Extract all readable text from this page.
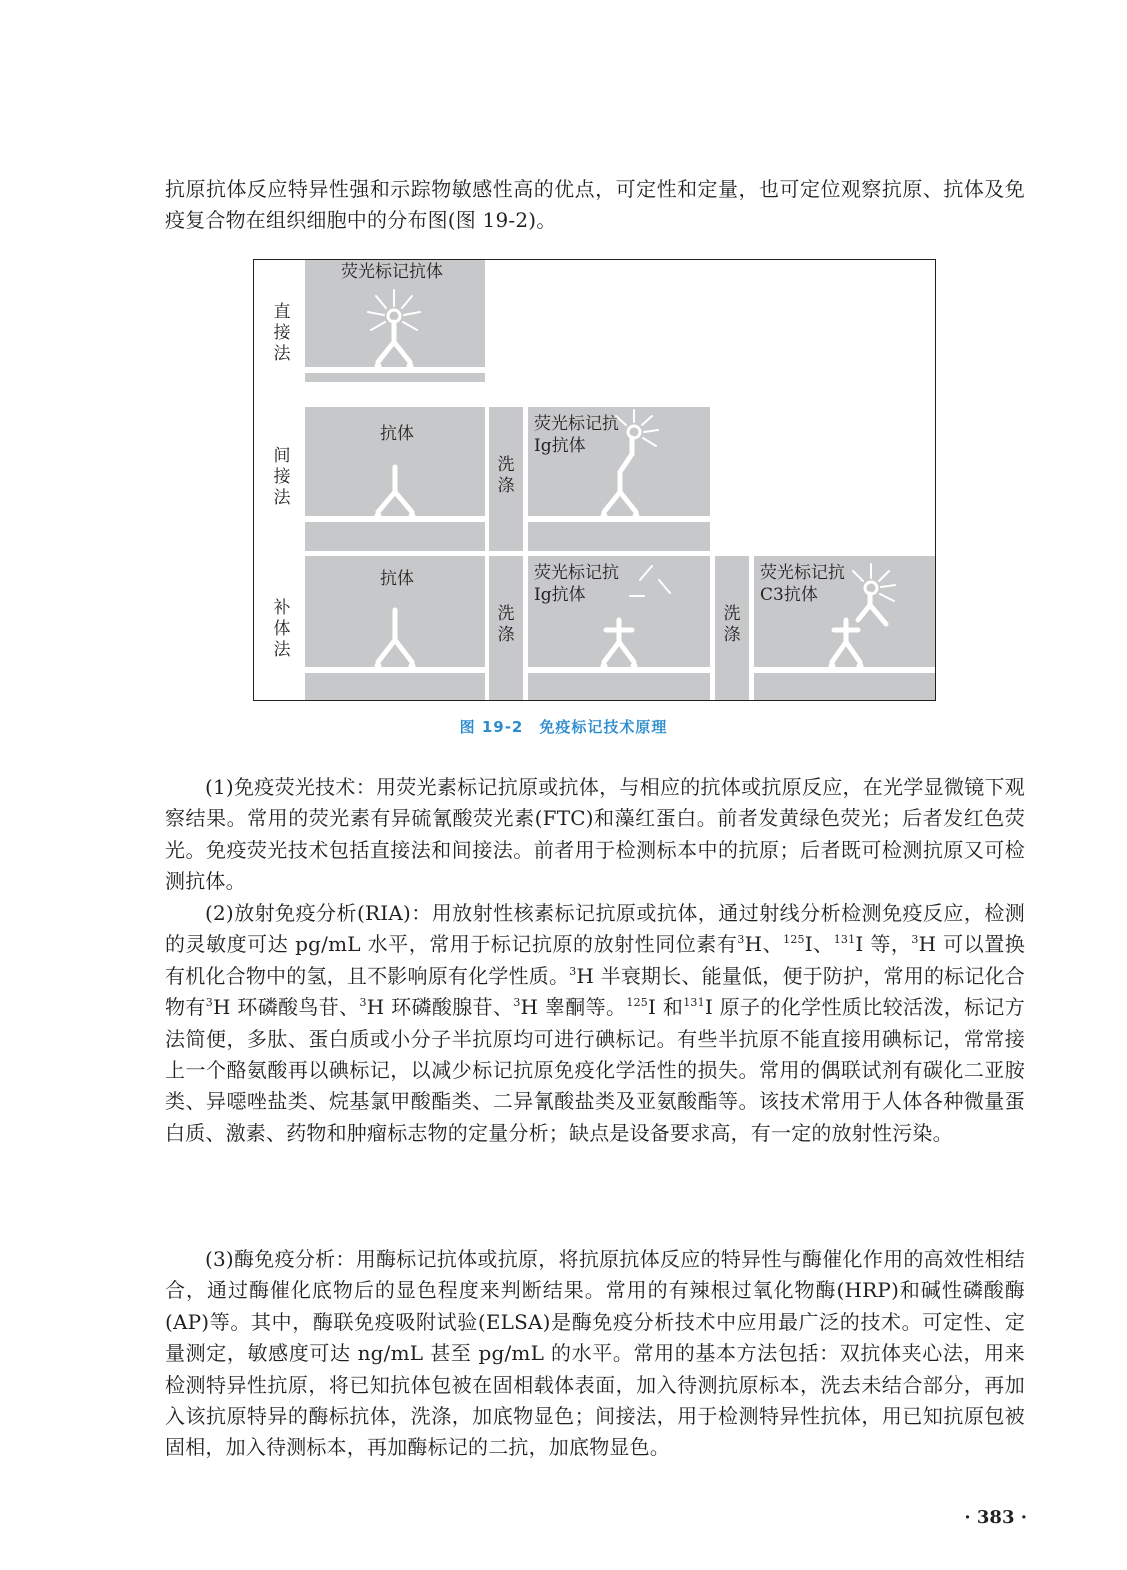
抗原抗体反应特异性强和示踪物敏感性高的优点，可定性和定量，也可定位观察抗原、抗体及免疫复合物在组织细胞中的分布图(图 19-2)。

直接法
间接法
补体法
荧光标记抗体
抗体
洗涤
荧光标记抗Ig抗体
抗体
洗涤
荧光标记抗Ig抗体
洗涤
荧光标记抗C3抗体
图 19-2　免疫标记技术原理

(1)免疫荧光技术：用荧光素标记抗原或抗体，与相应的抗体或抗原反应，在光学显微镜下观察结果。常用的荧光素有异硫氰酸荧光素(FTC)和藻红蛋白。前者发黄绿色荧光；后者发红色荧光。免疫荧光技术包括直接法和间接法。前者用于检测标本中的抗原；后者既可检测抗原又可检测抗体。

(2)放射免疫分析(RIA)：用放射性核素标记抗原或抗体，通过射线分析检测免疫反应，检测的灵敏度可达 pg/mL 水平，常用于标记抗原的放射性同位素有$^3$H、$^{125}$I、$^{131}$I 等，$^3$H 可以置换有机化合物中的氢，且不影响原有化学性质。$^3$H 半衰期长、能量低，便于防护，常用的标记化合物有$^3$H 环磷酸鸟苷、$^3$H 环磷酸腺苷、$^3$H 睾酮等。$^{125}$I 和$^{131}$I 原子的化学性质比较活泼，标记方法简便，多肽、蛋白质或小分子半抗原均可进行碘标记。有些半抗原不能直接用碘标记，常常接上一个酪氨酸再以碘标记，以减少标记抗原免疫化学活性的损失。常用的偶联试剂有碳化二亚胺类、异噁唑盐类、烷基氯甲酸酯类、二异氰酸盐类及亚氨酸酯等。该技术常用于人体各种微量蛋白质、激素、药物和肿瘤标志物的定量分析；缺点是设备要求高，有一定的放射性污染。

(3)酶免疫分析：用酶标记抗体或抗原，将抗原抗体反应的特异性与酶催化作用的高效性相结合，通过酶催化底物后的显色程度来判断结果。常用的有辣根过氧化物酶(HRP)和碱性磷酸酶(AP)等。其中，酶联免疫吸附试验(ELSA)是酶免疫分析技术中应用最广泛的技术。可定性、定量测定，敏感度可达 ng/mL 甚至 pg/mL 的水平。常用的基本方法包括：双抗体夹心法，用来检测特异性抗原，将已知抗体包被在固相载体表面，加入待测抗原标本，洗去未结合部分，再加入该抗原特异的酶标抗体，洗涤，加底物显色；间接法，用于检测特异性抗体，用已知抗原包被固相，加入待测标本，再加酶标记的二抗，加底物显色。

· 383 ·
